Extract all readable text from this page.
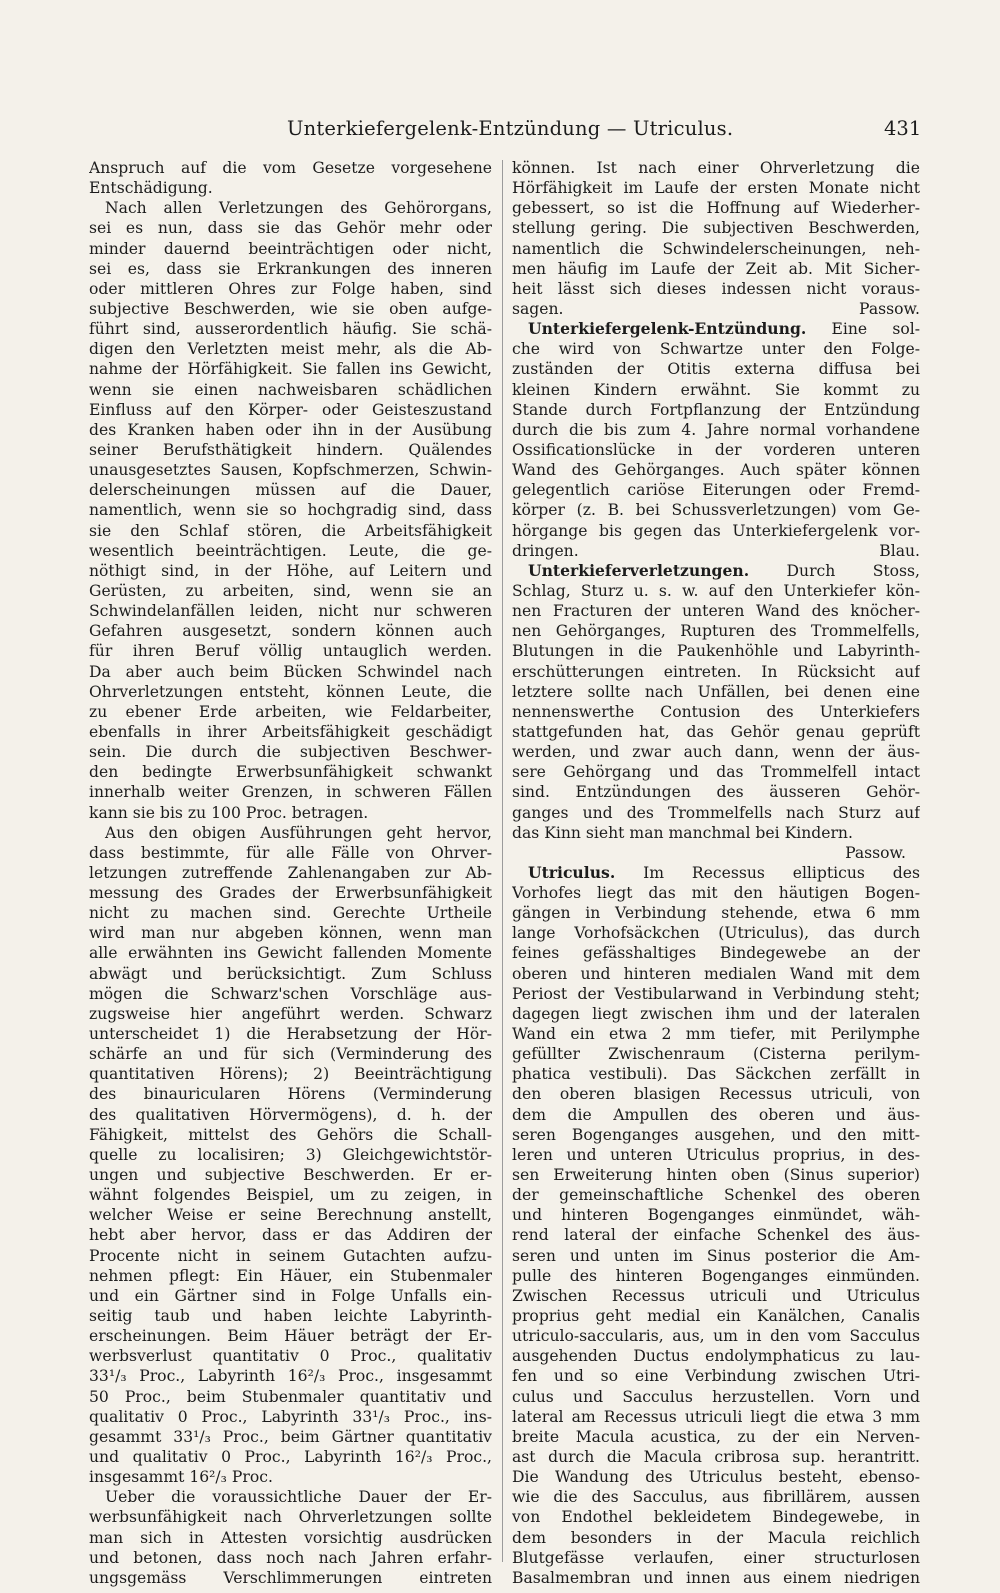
Unterkiefergelenk-Entzündung — Utriculus.	431
Anspruch auf die vom Gesetze vorgesehene
Entschädigung.
Nach allen Verletzungen des Gehörorgans,
sei es nun, dass sie das Gehör mehr oder
minder dauernd beeinträchtigen oder nicht,
sei es, dass sie Erkrankungen des inneren
oder mittleren Ohres zur Folge haben, sind
subjective Beschwerden, wie sie oben aufge-
führt sind, ausserordentlich häufig. Sie schä-
digen den Verletzten meist mehr, als die Ab-
nahme der Hörfähigkeit. Sie fallen ins Gewicht,
wenn sie einen nachweisbaren schädlichen
Einfluss auf den Körper- oder Geisteszustand
des Kranken haben oder ihn in der Ausübung
seiner Berufsthätigkeit hindern. Quälendes
unausgesetztes Sausen, Kopfschmerzen, Schwin-
delerscheinungen müssen auf die Dauer,
namentlich, wenn sie so hochgradig sind, dass
sie den Schlaf stören, die Arbeitsfähigkeit
wesentlich beeinträchtigen. Leute, die ge-
nöthigt sind, in der Höhe, auf Leitern und
Gerüsten, zu arbeiten, sind, wenn sie an
Schwindelanfällen leiden, nicht nur schweren
Gefahren ausgesetzt, sondern können auch
für ihren Beruf völlig untauglich werden.
Da aber auch beim Bücken Schwindel nach
Ohrverletzungen entsteht, können Leute, die
zu ebener Erde arbeiten, wie Feldarbeiter,
ebenfalls in ihrer Arbeitsfähigkeit geschädigt
sein. Die durch die subjectiven Beschwer-
den bedingte Erwerbsunfähigkeit schwankt
innerhalb weiter Grenzen, in schweren Fällen
kann sie bis zu 100 Proc. betragen.
Aus den obigen Ausführungen geht hervor,
dass bestimmte, für alle Fälle von Ohrver-
letzungen zutreffende Zahlenangaben zur Ab-
messung des Grades der Erwerbsunfähigkeit
nicht zu machen sind. Gerechte Urtheile
wird man nur abgeben können, wenn man
alle erwähnten ins Gewicht fallenden Momente
abwägt und berücksichtigt. Zum Schluss
mögen die Schwarz'schen Vorschläge aus-
zugsweise hier angeführt werden. Schwarz
unterscheidet 1) die Herabsetzung der Hör-
schärfe an und für sich (Verminderung des
quantitativen Hörens); 2) Beeinträchtigung
des binauricularen Hörens (Verminderung
des qualitativen Hörvermögens), d. h. der
Fähigkeit, mittelst des Gehörs die Schall-
quelle zu localisiren; 3) Gleichgewichtstör-
ungen und subjective Beschwerden. Er er-
wähnt folgendes Beispiel, um zu zeigen, in
welcher Weise er seine Berechnung anstellt,
hebt aber hervor, dass er das Addiren der
Procente nicht in seinem Gutachten aufzu-
nehmen pflegt: Ein Häuer, ein Stubenmaler
und ein Gärtner sind in Folge Unfalls ein-
seitig taub und haben leichte Labyrinth-
erscheinungen. Beim Häuer beträgt der Er-
werbsverlust quantitativ 0 Proc., qualitativ
33¹/₃ Proc., Labyrinth 16²/₃ Proc., insgesammt
50 Proc., beim Stubenmaler quantitativ und
qualitativ 0 Proc., Labyrinth 33¹/₃ Proc., ins-
gesammt 33¹/₃ Proc., beim Gärtner quantitativ
und qualitativ 0 Proc., Labyrinth 16²/₃ Proc.,
insgesammt 16²/₃ Proc.
Ueber die voraussichtliche Dauer der Er-
werbsunfähigkeit nach Ohrverletzungen sollte
man sich in Attesten vorsichtig ausdrücken
und betonen, dass noch nach Jahren erfahr-
ungsgemäss Verschlimmerungen eintreten
können. Ist nach einer Ohrverletzung die
Hörfähigkeit im Laufe der ersten Monate nicht
gebessert, so ist die Hoffnung auf Wiederher-
stellung gering. Die subjectiven Beschwerden,
namentlich die Schwindelerscheinungen, neh-
men häufig im Laufe der Zeit ab. Mit Sicher-
heit lässt sich dieses indessen nicht voraus-
sagen. Passow.
Unterkiefergelenk-Entzündung. Eine sol-
che wird von Schwartze unter den Folge-
zuständen der Otitis externa diffusa bei
kleinen Kindern erwähnt. Sie kommt zu
Stande durch Fortpflanzung der Entzündung
durch die bis zum 4. Jahre normal vorhandene
Ossificationslücke in der vorderen unteren
Wand des Gehörganges. Auch später können
gelegentlich cariöse Eiterungen oder Fremd-
körper (z. B. bei Schussverletzungen) vom Ge-
hörgange bis gegen das Unterkiefergelenk vor-
dringen. Blau.
Unterkieferverletzungen. Durch Stoss,
Schlag, Sturz u. s. w. auf den Unterkiefer kön-
nen Fracturen der unteren Wand des knöcher-
nen Gehörganges, Rupturen des Trommelfells,
Blutungen in die Paukenhöhle und Labyrinth-
erschütterungen eintreten. In Rücksicht auf
letztere sollte nach Unfällen, bei denen eine
nennenswerthe Contusion des Unterkiefers
stattgefunden hat, das Gehör genau geprüft
werden, und zwar auch dann, wenn der äus-
sere Gehörgang und das Trommelfell intact
sind. Entzündungen des äusseren Gehör-
ganges und des Trommelfells nach Sturz auf
das Kinn sieht man manchmal bei Kindern.
Passow.
Utriculus. Im Recessus ellipticus des
Vorhofes liegt das mit den häutigen Bogen-
gängen in Verbindung stehende, etwa 6 mm
lange Vorhofsäckchen (Utriculus), das durch
feines gefässhaltiges Bindegewebe an der
oberen und hinteren medialen Wand mit dem
Periost der Vestibularwand in Verbindung steht;
dagegen liegt zwischen ihm und der lateralen
Wand ein etwa 2 mm tiefer, mit Perilymphe
gefüllter Zwischenraum (Cisterna perilym-
phatica vestibuli). Das Säckchen zerfällt in
den oberen blasigen Recessus utriculi, von
dem die Ampullen des oberen und äus-
seren Bogenganges ausgehen, und den mitt-
leren und unteren Utriculus proprius, in des-
sen Erweiterung hinten oben (Sinus superior)
der gemeinschaftliche Schenkel des oberen
und hinteren Bogenganges einmündet, wäh-
rend lateral der einfache Schenkel des äus-
seren und unten im Sinus posterior die Am-
pulle des hinteren Bogenganges einmünden.
Zwischen Recessus utriculi und Utriculus
proprius geht medial ein Kanälchen, Canalis
utriculo-saccularis, aus, um in den vom Sacculus
ausgehenden Ductus endolymphaticus zu lau-
fen und so eine Verbindung zwischen Utri-
culus und Sacculus herzustellen. Vorn und
lateral am Recessus utriculi liegt die etwa 3 mm
breite Macula acustica, zu der ein Nerven-
ast durch die Macula cribrosa sup. herantritt.
Die Wandung des Utriculus besteht, ebenso-
wie die des Sacculus, aus fibrillärem, aussen
von Endothel bekleidetem Bindegewebe, in
dem besonders in der Macula reichlich
Blutgefässe verlaufen, einer structurlosen
Basalmembran und innen aus einem niedrigen
